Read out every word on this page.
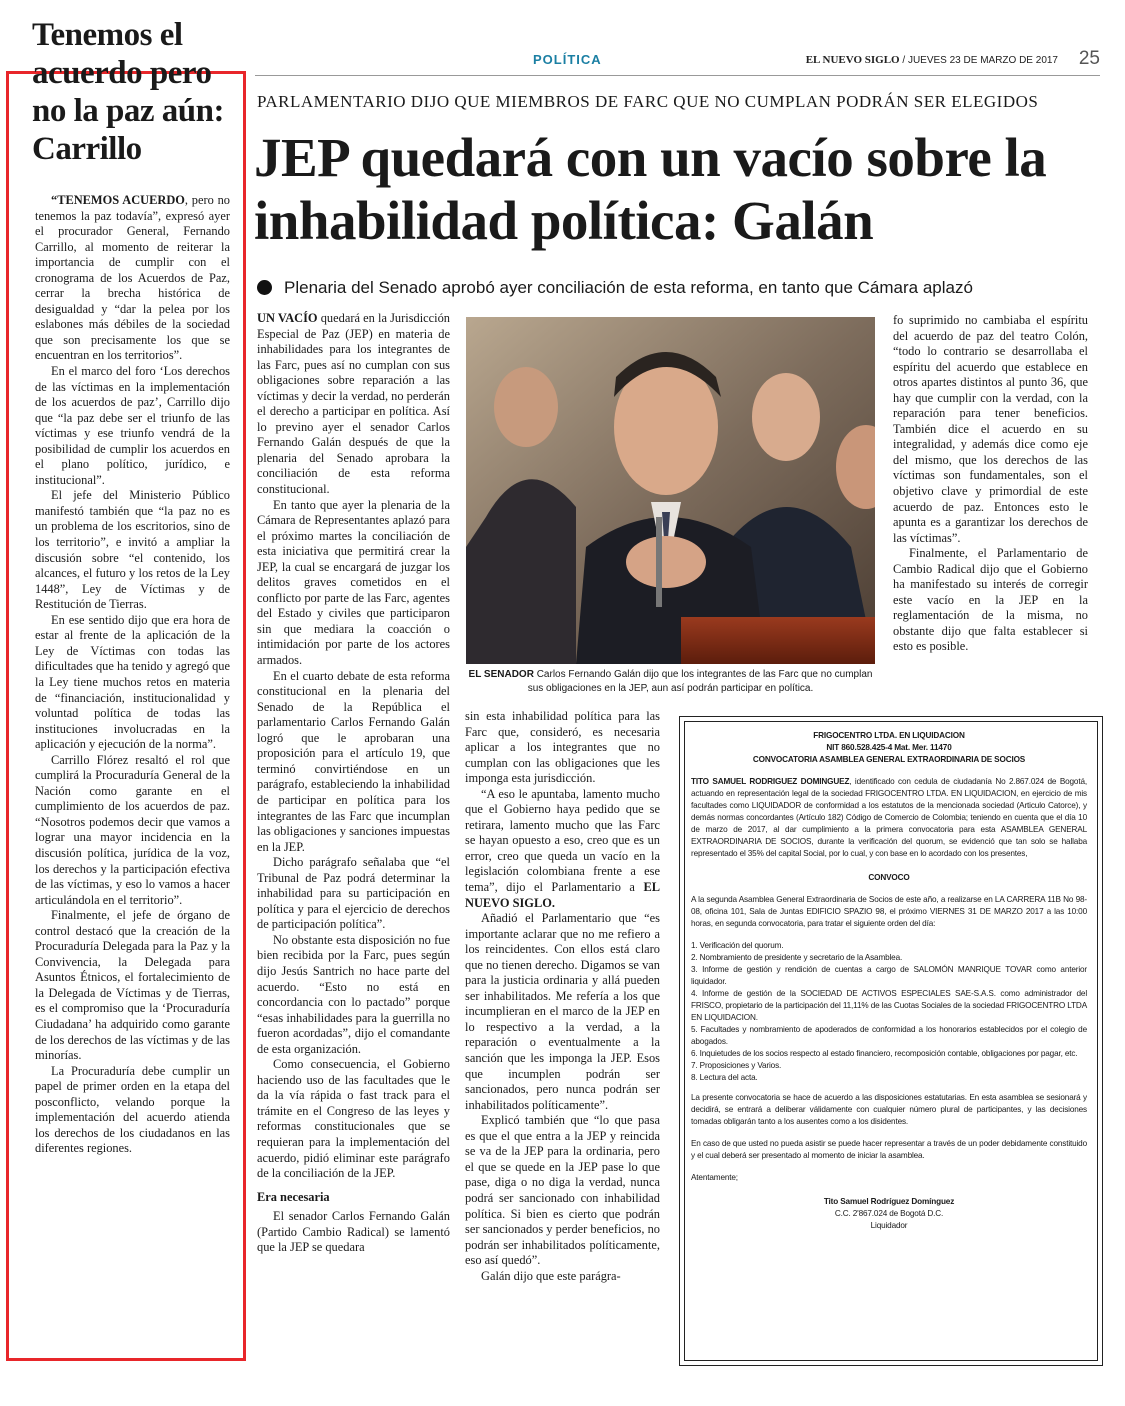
POLÍTICA	EL NUEVO SIGLO / JUEVES 23 DE MARZO DE 2017 25
Tenemos el acuerdo pero no la paz aún: Carrillo

“TENEMOS ACUERDO, pero no tenemos la paz todavía”, expresó ayer el procurador General, Fernando Carrillo, al momento de reiterar la importancia de cumplir con el cronograma de los Acuerdos de Paz, cerrar la brecha histórica de desigualdad y “dar la pelea por los eslabones más débiles de la sociedad que son precisamente los que se encuentran en los territorios”.

En el marco del foro ‘Los derechos de las víctimas en la implementación de los acuerdos de paz’, Carrillo dijo que “la paz debe ser el triunfo de las víctimas y ese triunfo vendrá de la posibilidad de cumplir los acuerdos en el plano político, jurídico, e institucional”.

El jefe del Ministerio Público manifestó también que “la paz no es un problema de los escritorios, sino de los territorio”, e invitó a ampliar la discusión sobre “el contenido, los alcances, el futuro y los retos de la Ley 1448”, Ley de Víctimas y de Restitución de Tierras.

En ese sentido dijo que era hora de estar al frente de la aplicación de la Ley de Víctimas con todas las dificultades que ha tenido y agregó que la Ley tiene muchos retos en materia de “financiación, institucionalidad y voluntad política de todas las instituciones involucradas en la aplicación y ejecución de la norma”.

Carrillo Flórez resaltó el rol que cumplirá la Procuraduría General de la Nación como garante en el cumplimiento de los acuerdos de paz. “Nosotros podemos decir que vamos a lograr una mayor incidencia en la discusión política, jurídica de la voz, los derechos y la participación efectiva de las víctimas, y eso lo vamos a hacer articulándola en el territorio”.

Finalmente, el jefe de órgano de control destacó que la creación de la Procuraduría Delegada para la Paz y la Convivencia, la Delegada para Asuntos Étnicos, el fortalecimiento de la Delegada de Víctimas y de Tierras, es el compromiso que la ‘Procuraduría Ciudadana’ ha adquirido como garante de los derechos de las víctimas y de las minorías.

La Procuraduría debe cumplir un papel de primer orden en la etapa del posconflicto, velando porque la implementación del acuerdo atienda los derechos de los ciudadanos en las diferentes regiones.

PARLAMENTARIO DIJO QUE MIEMBROS DE FARC QUE NO CUMPLAN PODRÁN SER ELEGIDOS
JEP quedará con un vacío sobre la inhabilidad política: Galán
Plenaria del Senado aprobó ayer conciliación de esta reforma, en tanto que Cámara aplazó

UN VACÍO quedará en la Jurisdicción Especial de Paz (JEP) en materia de inhabilidades para los integrantes de las Farc, pues así no cumplan con sus obligaciones sobre reparación a las víctimas y decir la verdad, no perderán el derecho a participar en política. Así lo previno ayer el senador Carlos Fernando Galán después de que la plenaria del Senado aprobara la conciliación de esta reforma constitucional.

En tanto que ayer la plenaria de la Cámara de Representantes aplazó para el próximo martes la conciliación de esta iniciativa que permitirá crear la JEP, la cual se encargará de juzgar los delitos graves cometidos en el conflicto por parte de las Farc, agentes del Estado y civiles que participaron sin que mediara la coacción o intimidación por parte de los actores armados.

En el cuarto debate de esta reforma constitucional en la plenaria del Senado de la República el parlamentario Carlos Fernando Galán logró que le aprobaran una proposición para el artículo 19, que terminó convirtiéndose en un parágrafo, estableciendo la inhabilidad de participar en política para los integrantes de las Farc que incumplan las obligaciones y sanciones impuestas en la JEP.

Dicho parágrafo señalaba que “el Tribunal de Paz podrá determinar la inhabilidad para su participación en política y para el ejercicio de derechos de participación política”.

No obstante esta disposición no fue bien recibida por la Farc, pues según dijo Jesús Santrich no hace parte del acuerdo. “Esto no está en concordancia con lo pactado” porque “esas inhabilidades para la guerrilla no fueron acordadas”, dijo el comandante de esta organización.

Como consecuencia, el Gobierno haciendo uso de las facultades que le da la vía rápida o fast track para el trámite en el Congreso de las leyes y reformas constitucionales que se requieran para la implementación del acuerdo, pidió eliminar este parágrafo de la conciliación de la JEP.

Era necesaria

El senador Carlos Fernando Galán (Partido Cambio Radical) se lamentó que la JEP se quedara

EL SENADOR Carlos Fernando Galán dijo que los integrantes de las Farc que no cumplan sus obligaciones en la JEP, aun así podrán participar en política.

sin esta inhabilidad política para las Farc que, consideró, es necesaria aplicar a los integrantes que no cumplan con las obligaciones que les imponga esta jurisdicción.

“A eso le apuntaba, lamento mucho que el Gobierno haya pedido que se retirara, lamento mucho que las Farc se hayan opuesto a eso, creo que es un error, creo que queda un vacío en la legislación colombiana frente a ese tema”, dijo el Parlamentario a EL NUEVO SIGLO.

Añadió el Parlamentario que “es importante aclarar que no me refiero a los reincidentes. Con ellos está claro que no tienen derecho. Digamos se van para la justicia ordinaria y allá pueden ser inhabilitados. Me refería a los que incumplieran en el marco de la JEP en lo respectivo a la verdad, a la reparación o eventualmente a la sanción que les imponga la JEP. Esos que incumplen podrán ser sancionados, pero nunca podrán ser inhabilitados políticamente”.

Explicó también que “lo que pasa es que el que entra a la JEP y reincida se va de la JEP para la ordinaria, pero el que se quede en la JEP pase lo que pase, diga o no diga la verdad, nunca podrá ser sancionado con inhabilidad política. Si bien es cierto que podrán ser sancionados y perder beneficios, no podrán ser inhabilitados políticamente, eso así quedó”.

Galán dijo que este parágra-

fo suprimido no cambiaba el espíritu del acuerdo de paz del teatro Colón, “todo lo contrario se desarrollaba el espíritu del acuerdo que establece en otros apartes distintos al punto 36, que hay que cumplir con la verdad, con la reparación para tener beneficios. También dice el acuerdo en su integralidad, y además dice como eje del mismo, que los derechos de las víctimas son fundamentales, son el objetivo clave y primordial de este acuerdo de paz. Entonces esto le apunta es a garantizar los derechos de las víctimas”.

Finalmente, el Parlamentario de Cambio Radical dijo que el Gobierno ha manifestado su interés de corregir este vacío en la JEP en la reglamentación de la misma, no obstante dijo que falta establecer si esto es posible.

FRIGOCENTRO LTDA. EN LIQUIDACION
NIT 860.528.425-4 Mat. Mer. 11470
CONVOCATORIA ASAMBLEA GENERAL EXTRAORDINARIA DE SOCIOS

TITO SAMUEL RODRIGUEZ DOMINGUEZ, identificado con cedula de ciudadanía No 2.867.024 de Bogotá, actuando en representación legal de la sociedad FRIGOCENTRO LTDA. EN LIQUIDACION, en ejercicio de mis facultades como LIQUIDADOR de conformidad a los estatutos de la mencionada sociedad (Articulo Catorce), y demás normas concordantes (Artículo 182) Código de Comercio de Colombia; teniendo en cuenta que el día 10 de marzo de 2017, al dar cumplimiento a la primera convocatoria para esta ASAMBLEA GENERAL EXTRAORDINARIA DE SOCIOS, durante la verificación del quorum, se evidenció que tan solo se hallaba representado el 35% del capital Social, por lo cual, y con base en lo acordado con los presentes,

CONVOCO

A la segunda Asamblea General Extraordinaria de Socios de este año, a realizarse en LA CARRERA 11B No 98-08, oficina 101, Sala de Juntas EDIFICIO SPAZIO 98, el próximo VIERNES 31 DE MARZO 2017 a las 10:00 horas, en segunda convocatoria, para tratar el siguiente orden del día:

1. Verificación del quorum.
2. Nombramiento de presidente y secretario de la Asamblea.
3. Informe de gestión y rendición de cuentas a cargo de SALOMÓN MANRIQUE TOVAR como anterior liquidador.
4. Informe de gestión de la SOCIEDAD DE ACTIVOS ESPECIALES SAE-S.A.S. como administrador del FRISCO, propietario de la participación del 11,11% de las Cuotas Sociales de la sociedad FRIGOCENTRO LTDA EN LIQUIDACION.
5. Facultades y nombramiento de apoderados de conformidad a los honorarios establecidos por el colegio de abogados.
6. Inquietudes de los socios respecto al estado financiero, recomposición contable, obligaciones por pagar, etc.
7. Proposiciones y Varios.
8. Lectura del acta.

La presente convocatoria se hace de acuerdo a las disposiciones estatutarias. En esta asamblea se sesionará y decidirá, se entrará a deliberar válidamente con cualquier número plural de participantes, y las decisiones tomadas obligarán tanto a los ausentes como a los disidentes.

En caso de que usted no pueda asistir se puede hacer representar a través de un poder debidamente constituido y el cual deberá ser presentado al momento de iniciar la asamblea.

Atentamente;

Tito Samuel Rodríguez Domínguez
C.C. 2'867.024 de Bogotá D.C.
Liquidador
